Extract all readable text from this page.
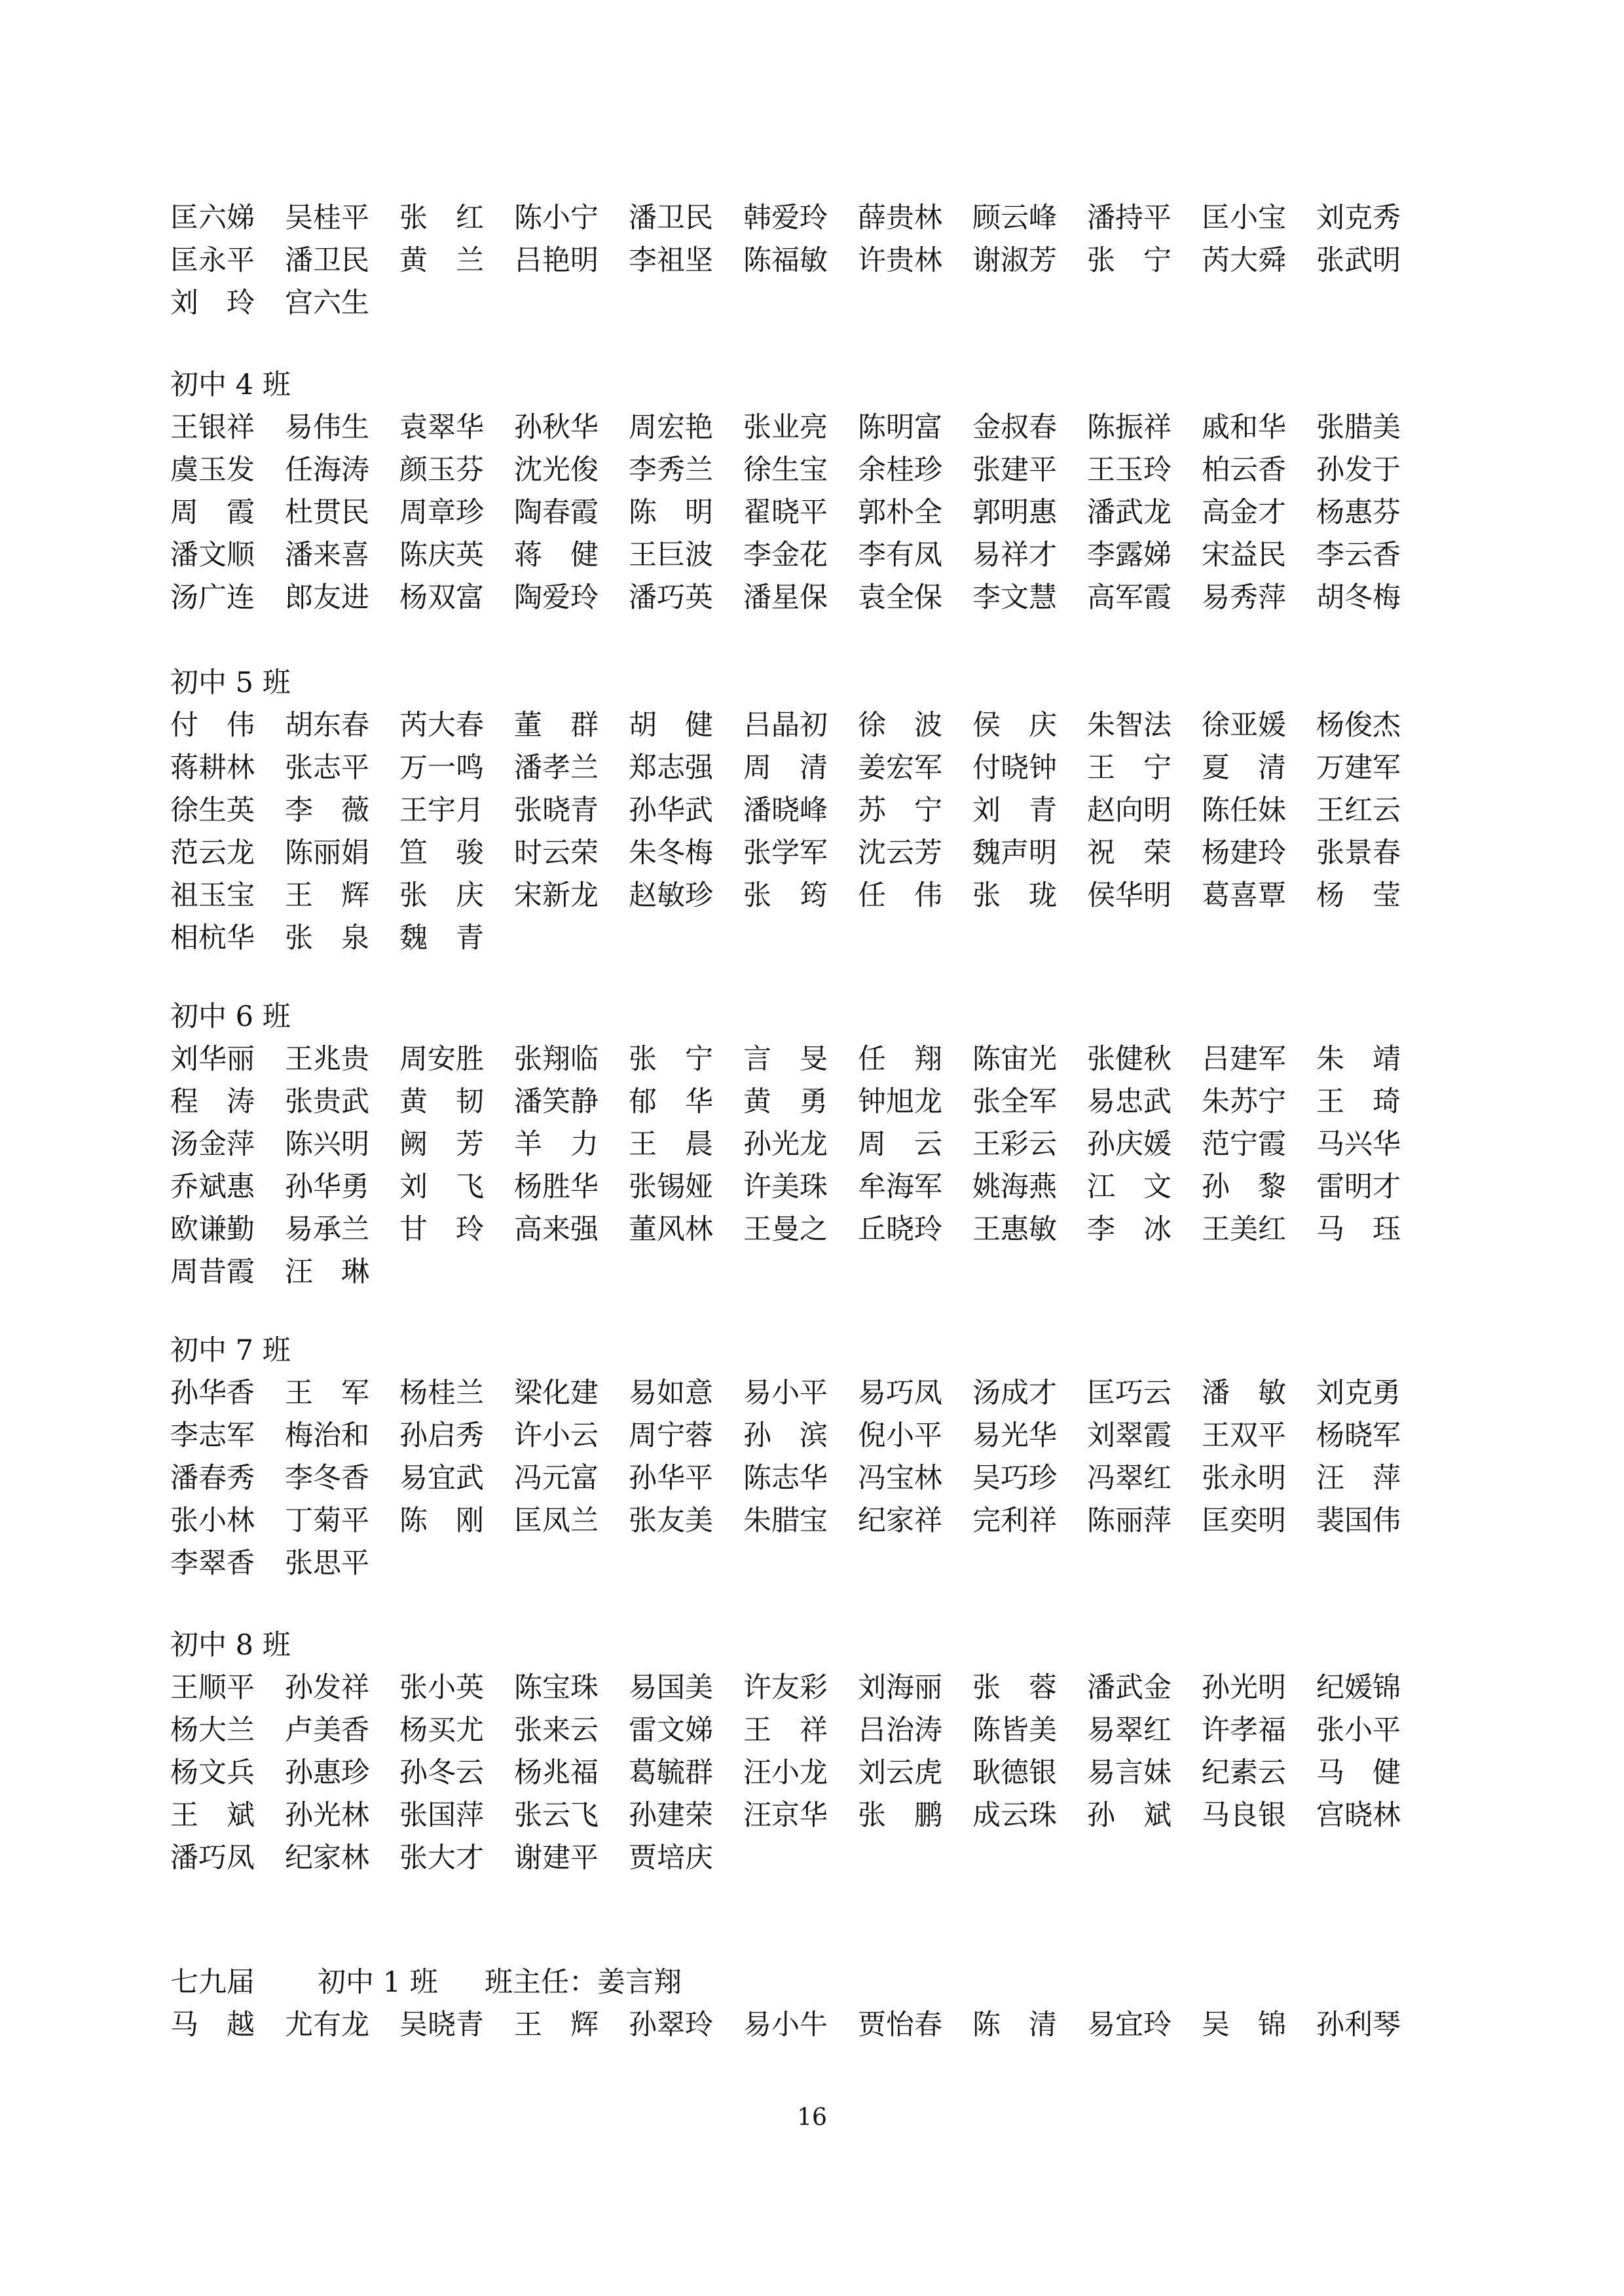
匡六娣 吴桂平 张　红 陈小宁 潘卫民 韩爱玲 薛贵林 顾云峰 潘持平 匡小宝 刘克秀
匡永平 潘卫民 黄　兰 吕艳明 李祖坚 陈福敏 许贵林 谢淑芳 张　宁 芮大舜 张武明
刘　玲 宫六生
初中 4 班
王银祥 易伟生 袁翠华 孙秋华 周宏艳 张业亮 陈明富 金叔春 陈振祥 戚和华 张腊美
虞玉发 任海涛 颜玉芬 沈光俊 李秀兰 徐生宝 余桂珍 张建平 王玉玲 柏云香 孙发于
周　霞 杜贯民 周章珍 陶春霞 陈　明 翟晓平 郭朴全 郭明惠 潘武龙 高金才 杨惠芬
潘文顺 潘来喜 陈庆英 蒋　健 王巨波 李金花 李有凤 易祥才 李露娣 宋益民 李云香
汤广连 郎友进 杨双富 陶爱玲 潘巧英 潘星保 袁全保 李文慧 高军霞 易秀萍 胡冬梅
初中 5 班
付　伟 胡东春 芮大春 董　群 胡　健 吕晶初 徐　波 侯　庆 朱智法 徐亚媛 杨俊杰
蒋耕林 张志平 万一鸣 潘孝兰 郑志强 周　清 姜宏军 付晓钟 王　宁 夏　清 万建军
徐生英 李　薇 王宇月 张晓青 孙华武 潘晓峰 苏　宁 刘　青 赵向明 陈任妹 王红云
范云龙 陈丽娟 笪　骏 时云荣 朱冬梅 张学军 沈云芳 魏声明 祝　荣 杨建玲 张景春
祖玉宝 王　辉 张　庆 宋新龙 赵敏珍 张　筠 任　伟 张　珑 侯华明 葛喜覃 杨　莹
相杭华 张　泉 魏　青
初中 6 班
刘华丽 王兆贵 周安胜 张翔临 张　宁 言　旻 任　翔 陈宙光 张健秋 吕建军 朱　靖
程　涛 张贵武 黄　韧 潘笑静 郁　华 黄　勇 钟旭龙 张全军 易忠武 朱苏宁 王　琦
汤金萍 陈兴明 阙　芳 羊　力 王　晨 孙光龙 周　云 王彩云 孙庆媛 范宁霞 马兴华
乔斌惠 孙华勇 刘　飞 杨胜华 张锡娅 许美珠 牟海军 姚海燕 江　文 孙　黎 雷明才
欧谦勤 易承兰 甘　玲 高来强 董风林 王曼之 丘晓玲 王惠敏 李　冰 王美红 马　珏
周昔霞 汪　琳
初中 7 班
孙华香 王　军 杨桂兰 梁化建 易如意 易小平 易巧凤 汤成才 匡巧云 潘　敏 刘克勇
李志军 梅治和 孙启秀 许小云 周宁蓉 孙　滨 倪小平 易光华 刘翠霞 王双平 杨晓军
潘春秀 李冬香 易宜武 冯元富 孙华平 陈志华 冯宝林 吴巧珍 冯翠红 张永明 汪　萍
张小林 丁菊平 陈　刚 匡凤兰 张友美 朱腊宝 纪家祥 完利祥 陈丽萍 匡奕明 裴国伟
李翠香 张思平
初中 8 班
王顺平 孙发祥 张小英 陈宝珠 易国美 许友彩 刘海丽 张　蓉 潘武金 孙光明 纪媛锦
杨大兰 卢美香 杨买尤 张来云 雷文娣 王　祥 吕治涛 陈皆美 易翠红 许孝福 张小平
杨文兵 孙惠珍 孙冬云 杨兆福 葛毓群 汪小龙 刘云虎 耿德银 易言妹 纪素云 马　健
王　斌 孙光林 张国萍 张云飞 孙建荣 汪京华 张　鹏 成云珠 孙　斌 马良银 宫晓林
潘巧凤 纪家林 张大才 谢建平 贾培庆
七九届 初中 1 班 班主任：姜言翔
马　越 尤有龙 吴晓青 王　辉 孙翠玲 易小牛 贾怡春 陈　清 易宜玲 吴　锦 孙利琴
16
